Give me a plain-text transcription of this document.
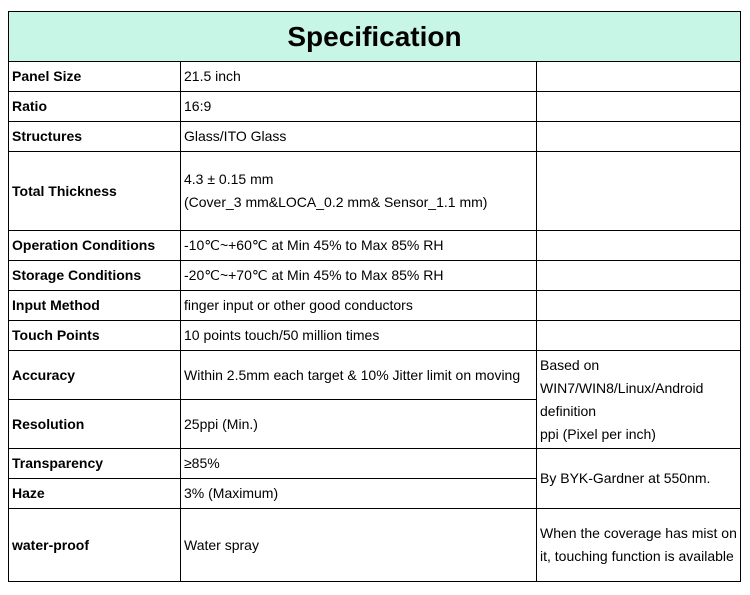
Specification		
Panel Size	21.5 inch	
Ratio	16:9	
Structures	Glass/ITO Glass	
Total Thickness	4.3 ± 0.15 mm
(Cover_3 mm&LOCA_0.2 mm& Sensor_1.1 mm)	
Operation Conditions	-10℃~+60℃ at Min 45% to Max 85% RH	
Storage Conditions	-20℃~+70℃ at Min 45% to Max 85% RH	
Input Method	finger input or other good conductors	
Touch Points	10 points touch/50 million times	
Accuracy	Within 2.5mm each target & 10% Jitter limit on moving	Based on
WIN7/WIN8/Linux/Android definition
ppi (Pixel per inch)
Resolution	25ppi (Min.)	
Transparency	≥85%	By BYK-Gardner at 550nm.
Haze	3% (Maximum)	
water-proof	Water spray	When the coverage has mist on it, touching function is available
